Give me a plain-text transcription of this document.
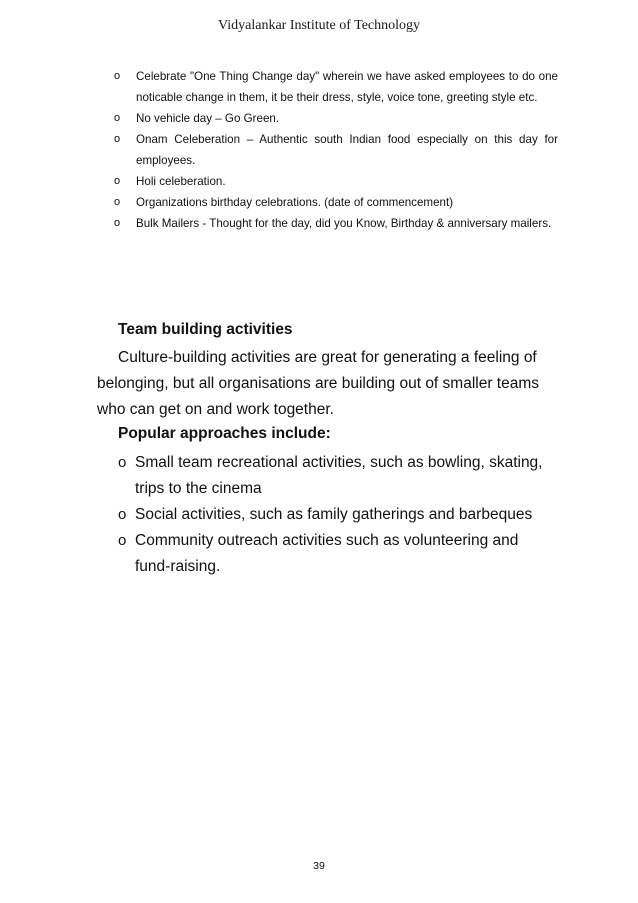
Vidyalankar Institute of Technology
o Celebrate "One Thing Change day" wherein we have asked employees to do one noticable change in them, it be their dress, style, voice tone, greeting style etc.
o No vehicle day – Go Green.
o Onam Celeberation – Authentic south Indian food especially on this day for employees.
o Holi celeberation.
o Organizations birthday celebrations. (date of commencement)
o Bulk Mailers - Thought for the day, did you Know, Birthday & anniversary mailers.
Team building activities

Culture-building activities are great for generating a feeling of belonging, but all organisations are building out of smaller teams who can get on and work together.

Popular approaches include:
o Small team recreational activities, such as bowling, skating, trips to the cinema
o Social activities, such as family gatherings and barbeques
o Community outreach activities such as volunteering and fund-raising.
39
